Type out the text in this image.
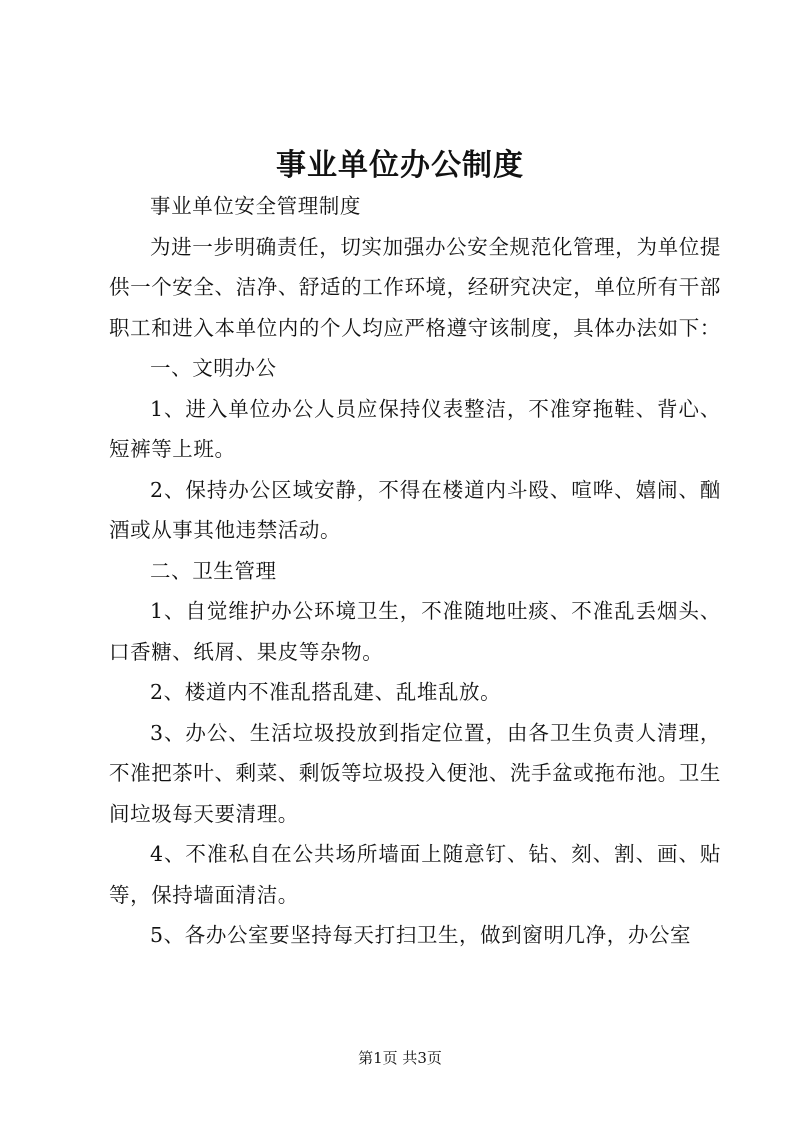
事业单位办公制度

事业单位安全管理制度

为进一步明确责任，切实加强办公安全规范化管理，为单位提供一个安全、洁净、舒适的工作环境，经研究决定，单位所有干部职工和进入本单位内的个人均应严格遵守该制度，具体办法如下：

一、文明办公

1、进入单位办公人员应保持仪表整洁，不准穿拖鞋、背心、短裤等上班。

2、保持办公区域安静，不得在楼道内斗殴、喧哗、嬉闹、酗酒或从事其他违禁活动。

二、卫生管理

1、自觉维护办公环境卫生，不准随地吐痰、不准乱丢烟头、口香糖、纸屑、果皮等杂物。

2、楼道内不准乱搭乱建、乱堆乱放。

3、办公、生活垃圾投放到指定位置，由各卫生负责人清理，不准把茶叶、剩菜、剩饭等垃圾投入便池、洗手盆或拖布池。卫生间垃圾每天要清理。

4、不准私自在公共场所墙面上随意钉、钻、刻、割、画、贴等，保持墙面清洁。

5、各办公室要坚持每天打扫卫生，做到窗明几净，办公室

第1页 共3页
